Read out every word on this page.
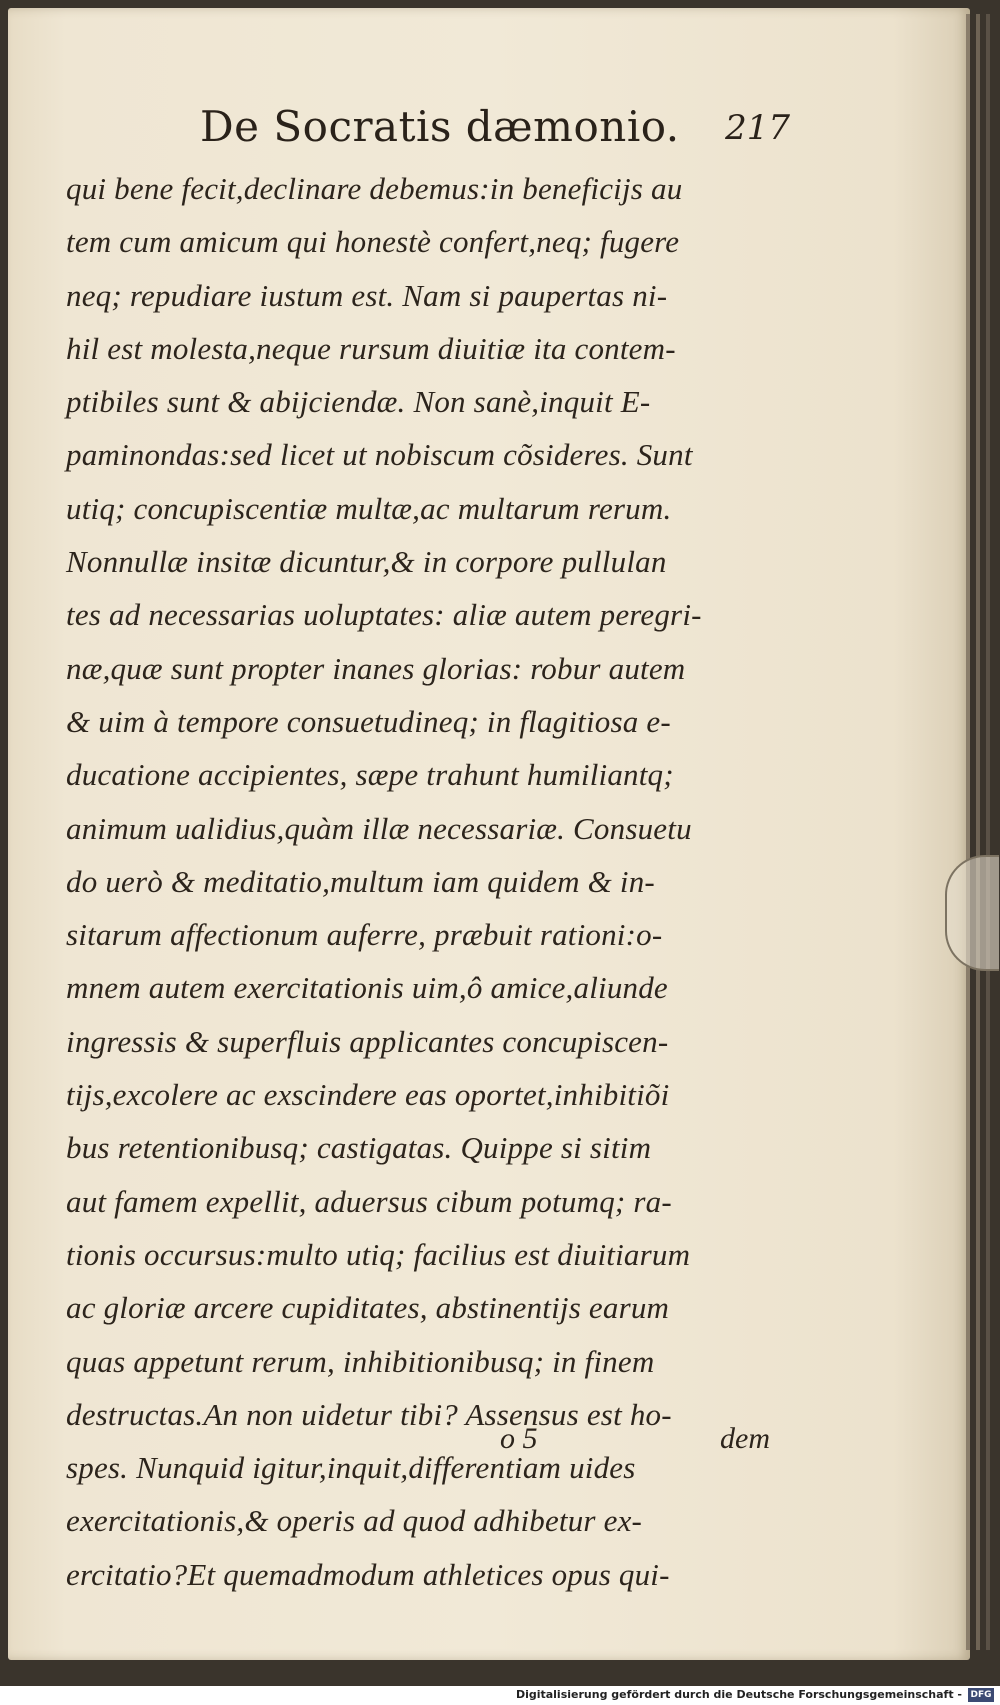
De Socratis dæmonio. 217
qui bene fecit,declinare debemus:in beneficijs au
tem cum amicum qui honestè confert,neq; fugere
neq; repudiare iustum est. Nam si paupertas ni-
hil est molesta,neque rursum diuitiæ ita contem-
ptibiles sunt & abijciendæ. Non sanè,inquit E-
paminondas:sed licet ut nobiscum cõsideres. Sunt
utiq; concupiscentiæ multæ,ac multarum rerum.
Nonnullæ insitæ dicuntur,& in corpore pullulan
tes ad necessarias uoluptates: aliæ autem peregri-
næ,quæ sunt propter inanes glorias: robur autem
& uim à tempore consuetudineq; in flagitiosa e-
ducatione accipientes, sæpe trahunt humiliantq;
animum ualidius,quàm illæ necessariæ. Consuetu
do uerò & meditatio,multum iam quidem & in-
sitarum affectionum auferre, præbuit rationi:o-
mnem autem exercitationis uim,ô amice,aliunde
ingressis & superfluis applicantes concupiscen-
tijs,excolere ac exscindere eas oportet,inhibitiõi
bus retentionibusq; castigatas. Quippe si sitim
aut famem expellit, aduersus cibum potumq; ra-
tionis occursus:multo utiq; facilius est diuitiarum
ac gloriæ arcere cupiditates, abstinentijs earum
quas appetunt rerum, inhibitionibusq; in finem
destructas.An non uidetur tibi? Assensus est ho-
spes. Nunquid igitur,inquit,differentiam uides
exercitationis,& operis ad quod adhibetur ex-
ercitatio?Et quemadmodum athletices opus qui-
o 5	dem
Digitalisierung gefördert durch die Deutsche Forschungsgemeinschaft - DFG
